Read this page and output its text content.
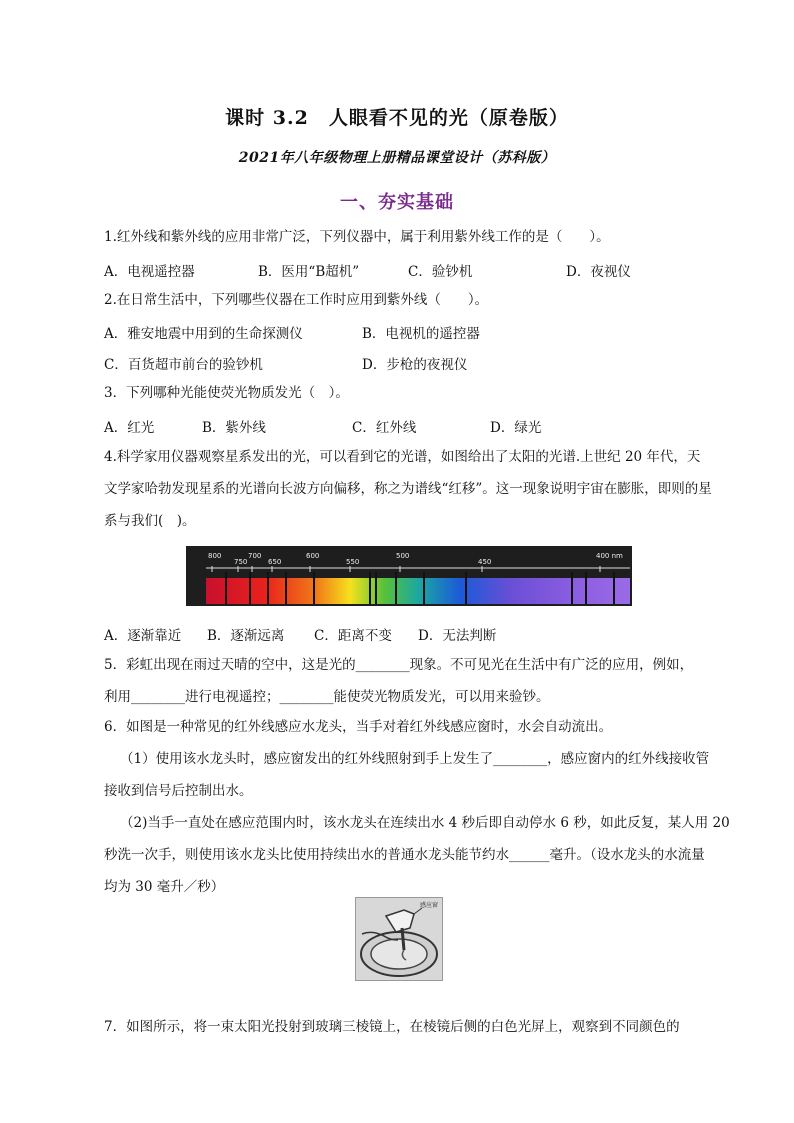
课时 3.2　人眼看不见的光（原卷版）
2021年八年级物理上册精品课堂设计（苏科版）
一、夯实基础
1.红外线和紫外线的应用非常广泛，下列仪器中，属于利用紫外线工作的是（　　）。
A．电视遥控器	B．医用“B超机”	C．验钞机	D．夜视仪
2.在日常生活中，下列哪些仪器在工作时应用到紫外线（　　）。
A．雅安地震中用到的生命探测仪	B．电视机的遥控器
C．百货超市前台的验钞机	D．步枪的夜视仪
3．下列哪种光能使荧光物质发光（　）。
A．红光	B．紫外线	C．红外线	D．绿光
4.科学家用仪器观察星系发出的光，可以看到它的光谱，如图给出了太阳的光谱.上世纪 20 年代，天
文学家哈勃发现星系的光谱向长波方向偏移，称之为谱线“红移”。这一现象说明宇宙在膨胀，即则的星
系与我们(　)。
800
750
700
650
600
550
500
450
400 nm
A．逐渐靠近 B．逐渐远离 C．距离不变 D．无法判断
5．彩虹出现在雨过天晴的空中，这是光的________现象。不可见光在生活中有广泛的应用，例如，
利用________进行电视遥控；________能使荧光物质发光，可以用来验钞。
6．如图是一种常见的红外线感应水龙头，当手对着红外线感应窗时，水会自动流出。
（1）使用该水龙头时，感应窗发出的红外线照射到手上发生了________，感应窗内的红外线接收管
接收到信号后控制出水。
（2)当手一直处在感应范围内时，该水龙头在连续出水 4 秒后即自动停水 6 秒，如此反复，某人用 20
秒洗一次手，则使用该水龙头比使用持续出水的普通水龙头能节约水______毫升。（设水龙头的水流量
均为 30 毫升／秒）
感应窗
7．如图所示，将一束太阳光投射到玻璃三棱镜上，在棱镜后侧的白色光屏上，观察到不同颜色的
